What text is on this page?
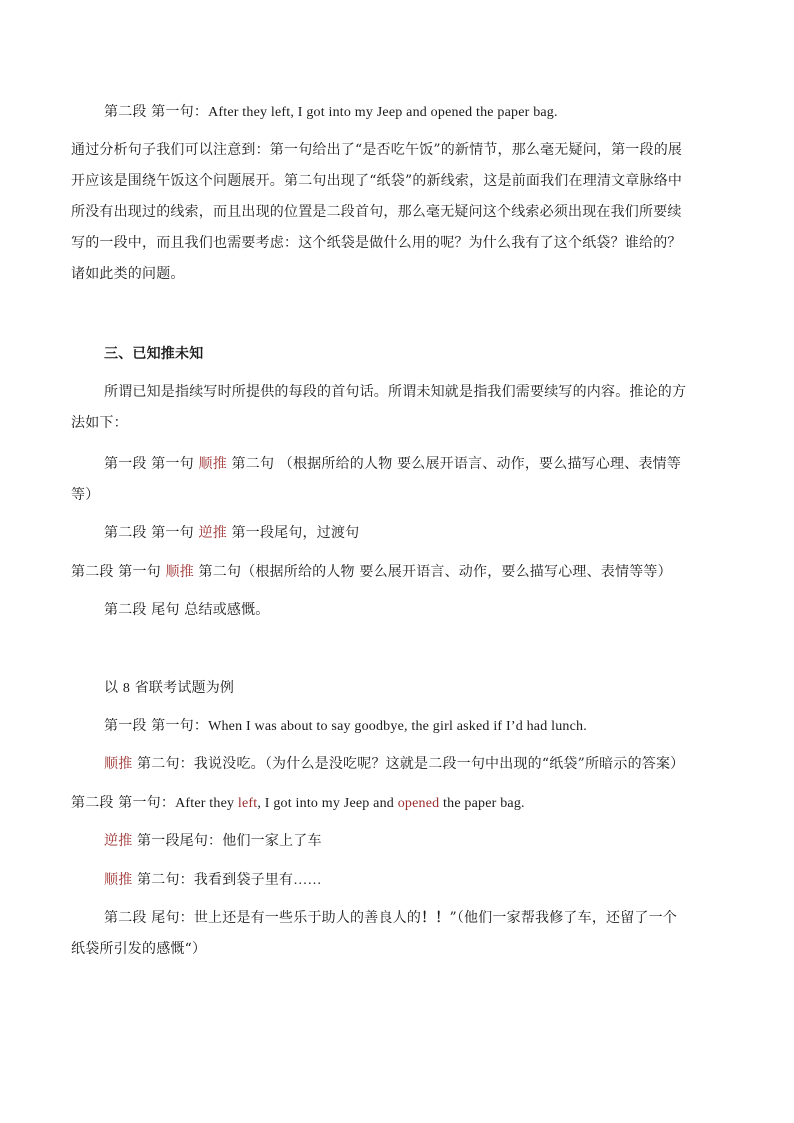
第二段 第一句：After they left, I got into my Jeep and opened the paper bag.
通过分析句子我们可以注意到：第一句给出了“是否吃午饭”的新情节，那么毫无疑问，第一段的展
开应该是围绕午饭这个问题展开。第二句出现了“纸袋”的新线索，这是前面我们在理清文章脉络中
所没有出现过的线索，而且出现的位置是二段首句，那么毫无疑问这个线索必须出现在我们所要续
写的一段中，而且我们也需要考虑：这个纸袋是做什么用的呢？为什么我有了这个纸袋？谁给的？
诸如此类的问题。
三、已知推未知
所谓已知是指续写时所提供的每段的首句话。所谓未知就是指我们需要续写的内容。推论的方
法如下：
第一段 第一句 顺推 第二句 （根据所给的人物 要么展开语言、动作，要么描写心理、表情等
等）
第二段 第一句 逆推 第一段尾句，过渡句
第二段 第一句 顺推 第二句（根据所给的人物 要么展开语言、动作，要么描写心理、表情等等）
第二段 尾句 总结或感慨。
以 8 省联考试题为例
第一段 第一句：When I was about to say goodbye, the girl asked if I’d had lunch.
顺推 第二句：我说没吃。（为什么是没吃呢？这就是二段一句中出现的“纸袋”所暗示的答案）
第二段 第一句：After they left, I got into my Jeep and opened the paper bag.
逆推 第一段尾句：他们一家上了车
顺推 第二句：我看到袋子里有……
第二段 尾句：世上还是有一些乐于助人的善良人的！！”（他们一家帮我修了车，还留了一个
纸袋所引发的感慨“）
